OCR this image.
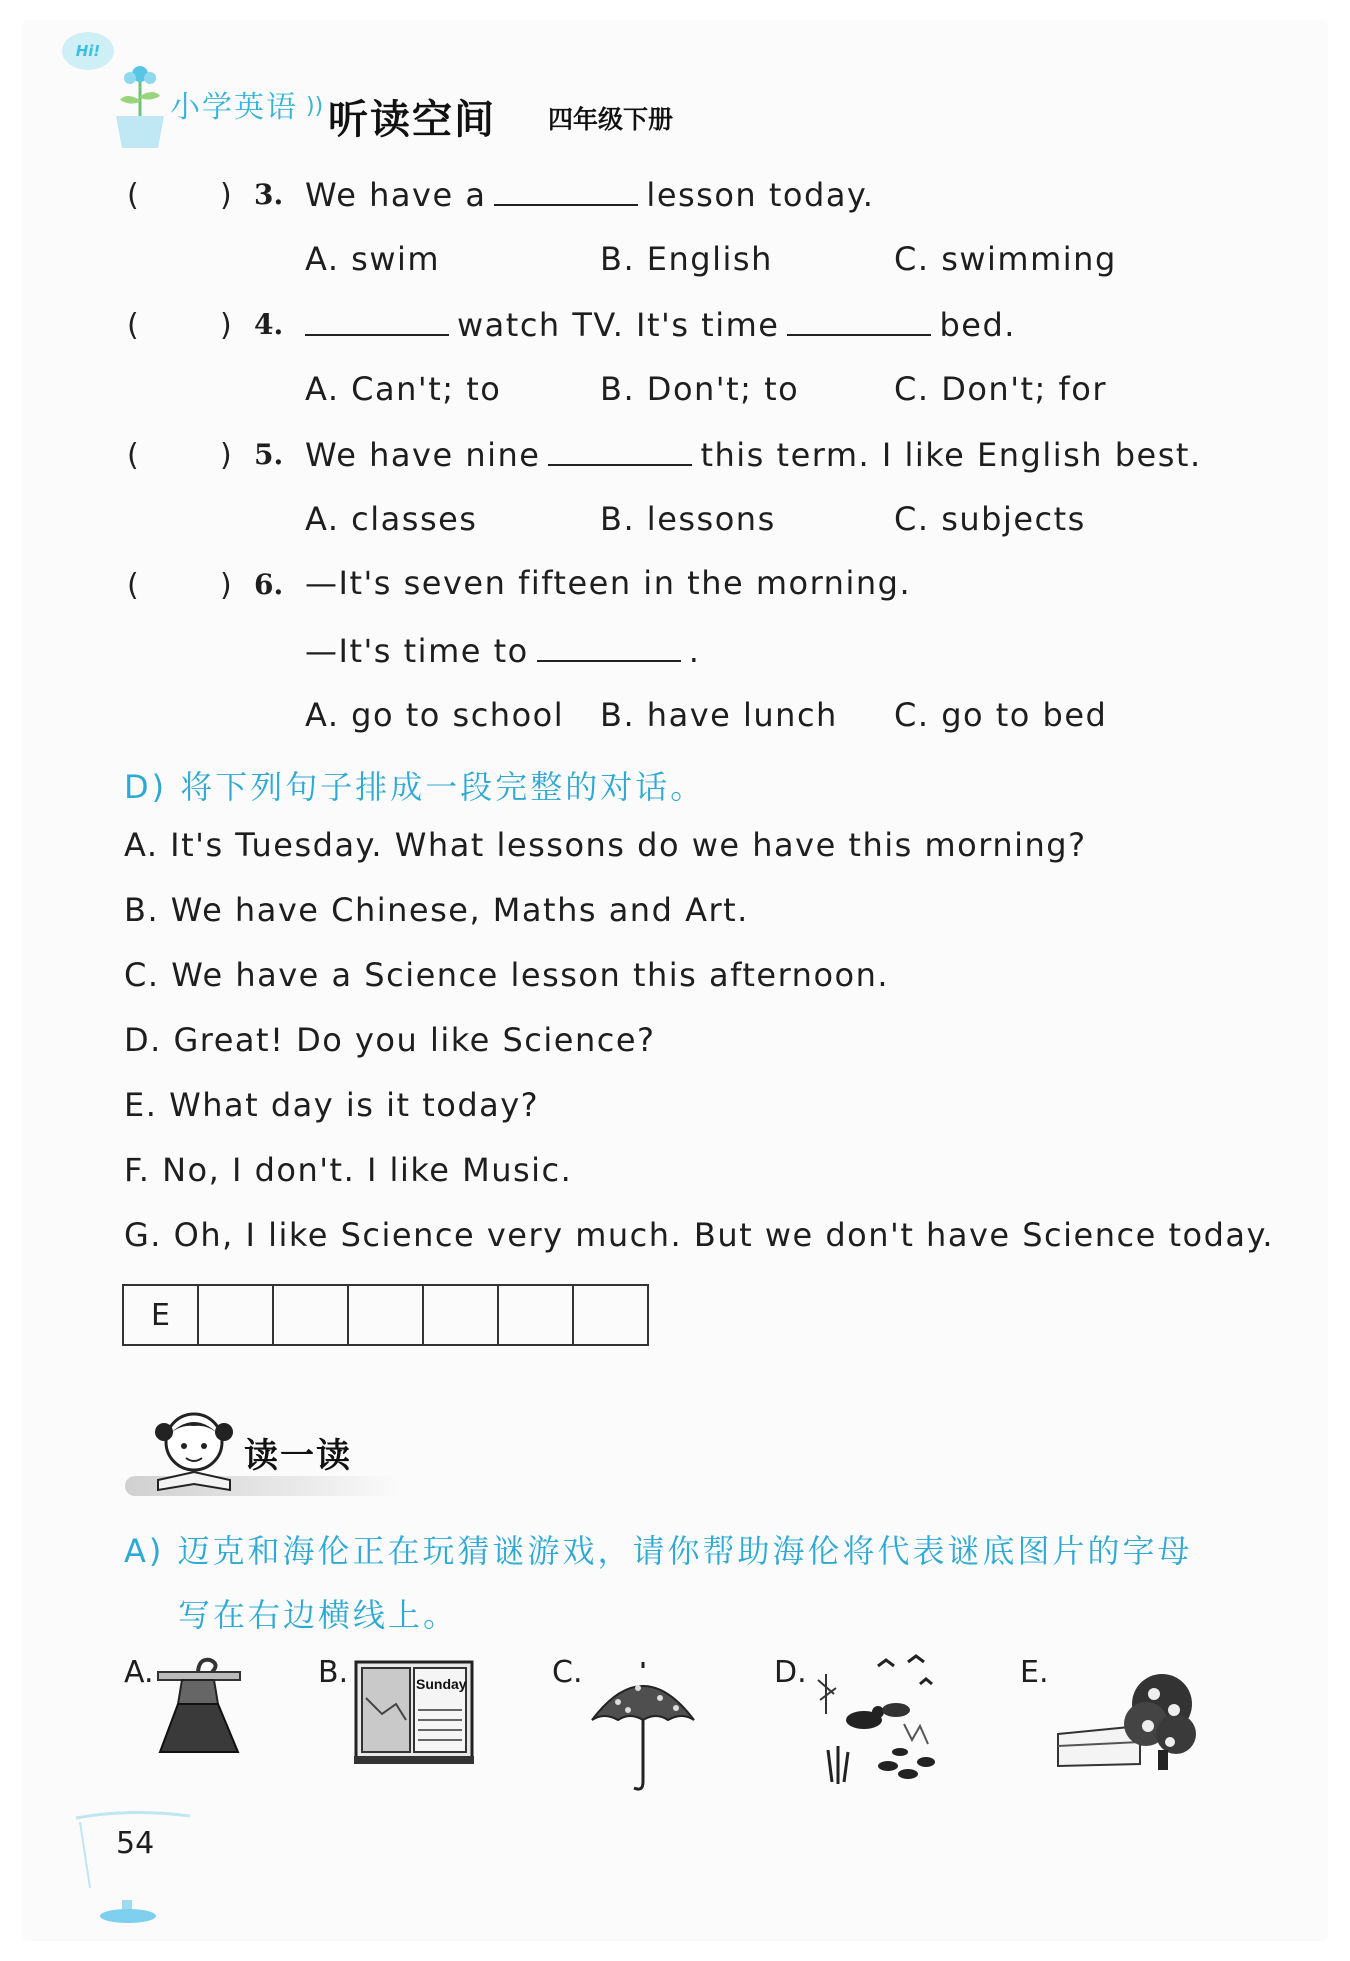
Hi!
小学英语 )) 听读空间 四年级下册
(	) 3. We have a	lesson today.
A. swim	B. English	C. swimming
(	) 4.	watch TV. It's time	bed.
A. Can't; to	B. Don't; to	C. Don't; for
(	) 5. We have nine	this term. I like English best.
A. classes	B. lessons	C. subjects
(	) 6. —It's seven fifteen in the morning.
—It's time to	.
A. go to school B. have lunch C. go to bed
D) 将下列句子排成一段完整的对话。
A. It's Tuesday. What lessons do we have this morning?
B. We have Chinese, Maths and Art.
C. We have a Science lesson this afternoon.
D. Great! Do you like Science?
E. What day is it today?
F. No, I don't. I like Music.
G. Oh, I like Science very much. But we don't have Science today.
E						
读一读
A) 迈克和海伦正在玩猜谜游戏，请你帮助海伦将代表谜底图片的字母
写在右边横线上。
A.	B.	Sunday	C.	D.	E.
54
